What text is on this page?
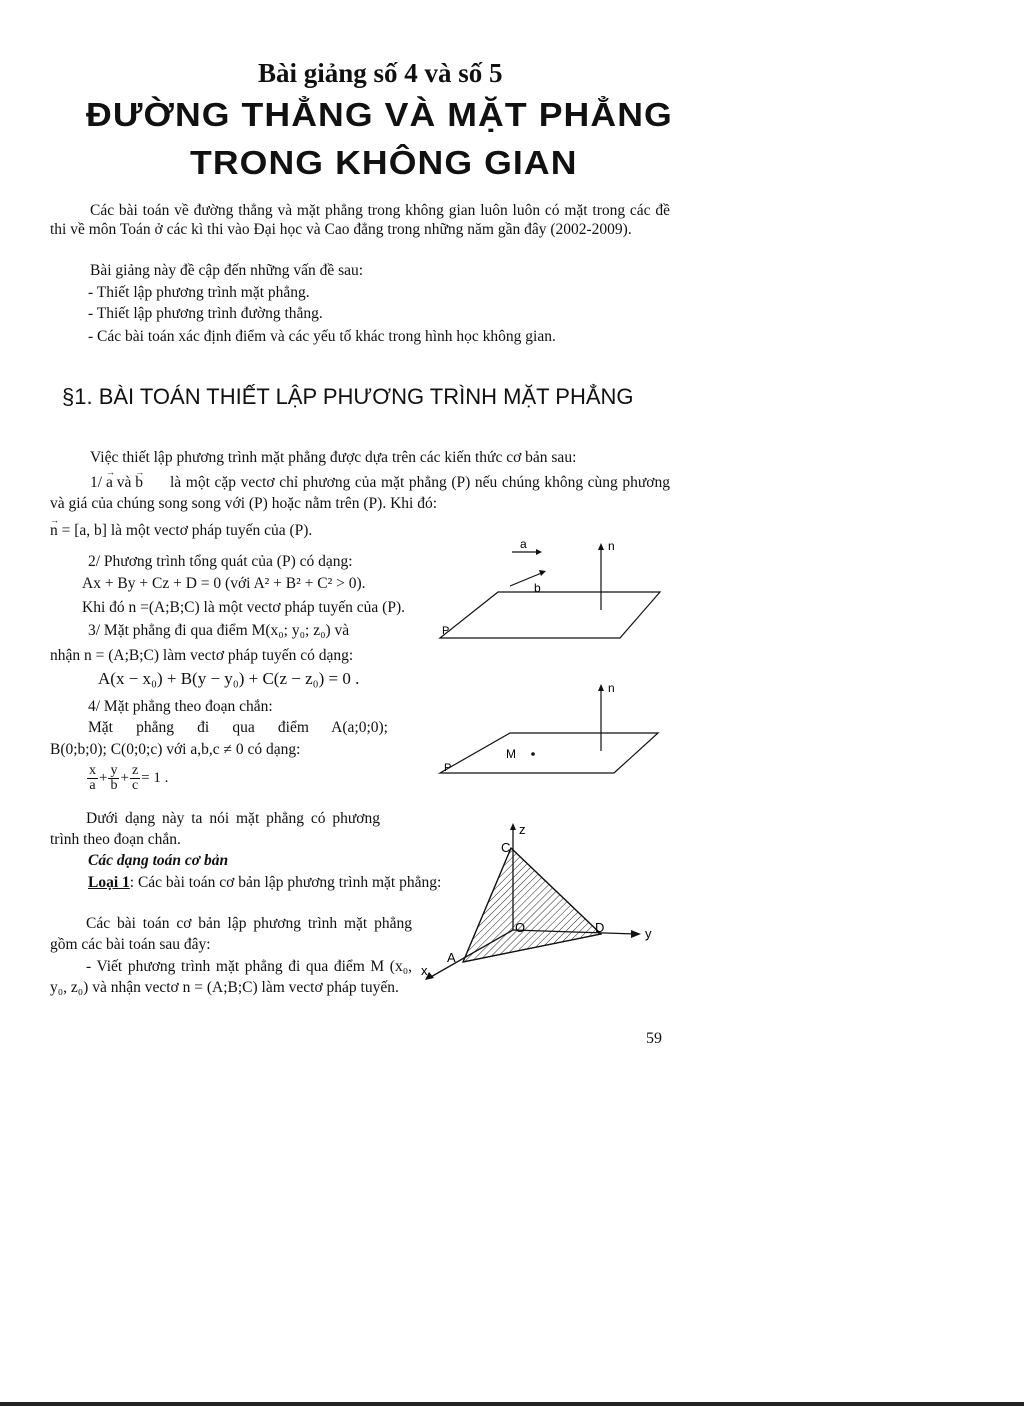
Bài giảng số 4 và số 5
ĐƯỜNG THẲNG VÀ MẶT PHẲNG
TRONG KHÔNG GIAN
Các bài toán về đường thẳng và mặt phẳng trong không gian luôn luôn có mặt trong các đề thi về môn Toán ở các kì thi vào Đại học và Cao đẳng trong những năm gần đây (2002-2009).
Bài giảng này đề cập đến những vấn đề sau:
- Thiết lập phương trình mặt phẳng.
- Thiết lập phương trình đường thẳng.
- Các bài toán xác định điểm và các yếu tố khác trong hình học không gian.
§1. BÀI TOÁN THIẾT LẬP PHƯƠNG TRÌNH MẶT PHẲNG
Việc thiết lập phương trình mặt phẳng được dựa trên các kiến thức cơ bản sau:
1/ → a và → b	là một cặp vectơ chỉ phương của mặt phẳng (P) nếu chúng không cùng phương và giá của chúng song song với (P) hoặc nằm trên (P). Khi đó:
→ n = [a, b] là một vectơ pháp tuyến của (P).
2/ Phương trình tổng quát của (P) có dạng:
Ax + By + Cz + D = 0 (với A² + B² + C² > 0).
Khi đó n =(A;B;C) là một vectơ pháp tuyến của (P).
3/ Mặt phẳng đi qua điểm M(x₀; y₀; z₀) và
nhận n = (A;B;C) làm vectơ pháp tuyến có dạng:
A(x − x₀) + B(y − y₀) + C(z − z₀) = 0 .
4/ Mặt phẳng theo đoạn chắn:
Mặt phẳng đi qua điểm A(a;0;0);
B(0;b;0); C(0;0;c) với a,b,c ≠ 0 có dạng:
$\frac{x}{a} + \frac{y}{b} + \frac{z}{c} = 1$ .
Dưới dạng này ta nói mặt phẳng có phương trình theo đoạn chắn.
Các dạng toán cơ bản
Loại 1: Các bài toán cơ bản lập phương trình mặt phẳng:
Các bài toán cơ bản lập phương trình mặt phẳng gồm các bài toán sau đây:
- Viết phương trình mặt phẳng đi qua điểm M (x₀, y₀, z₀) và nhận vectơ n = (A;B;C) làm vectơ pháp tuyến.
a
b
n
P
n
M
P
z
C
O	D	y
A
x
59
